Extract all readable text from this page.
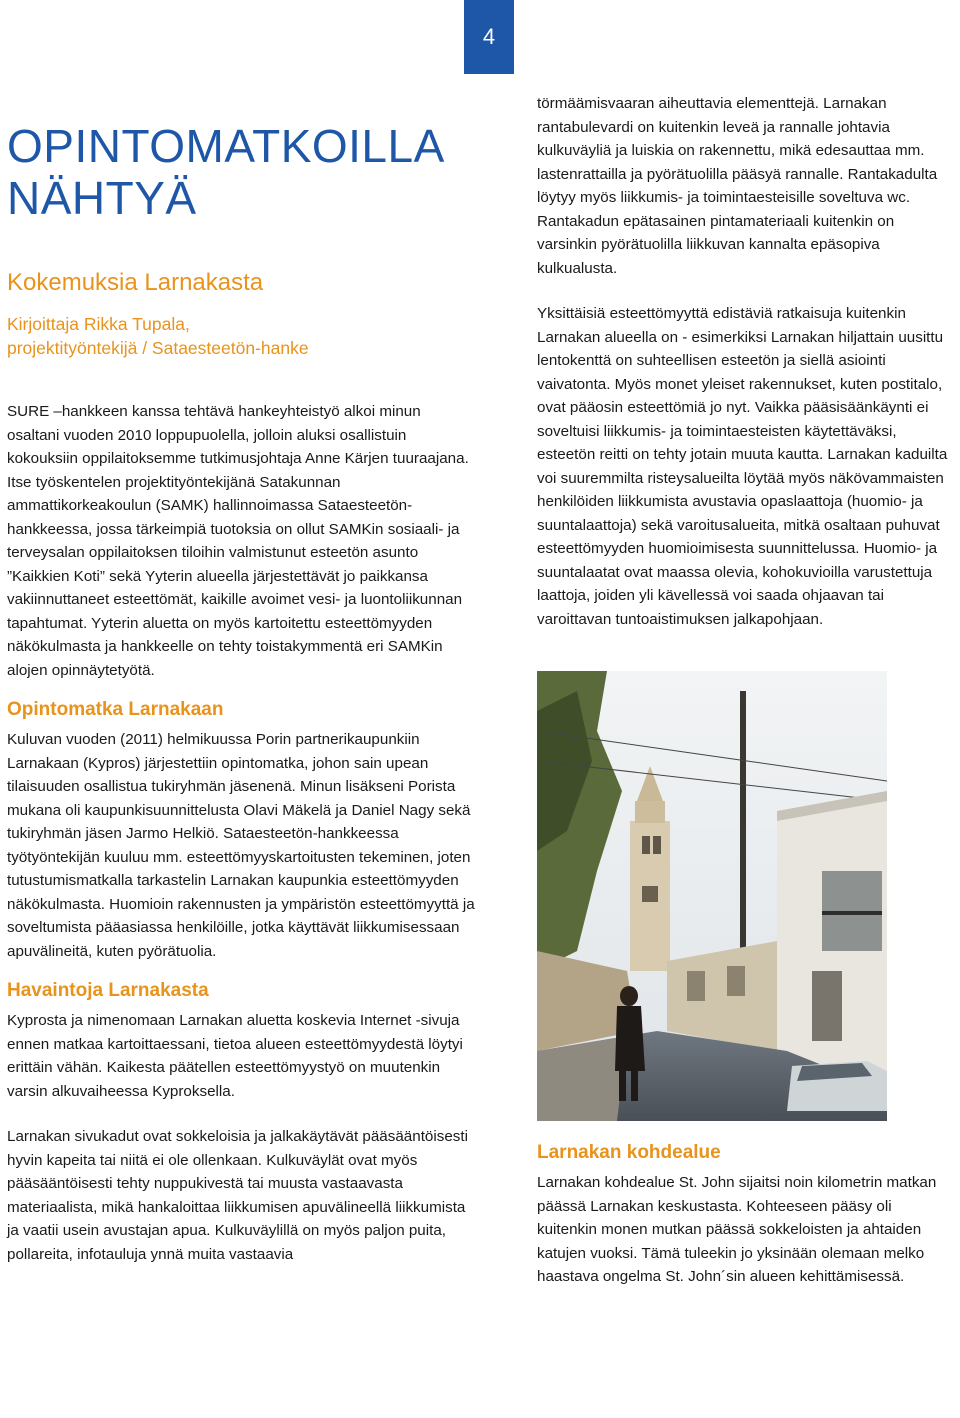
4
OPINTOMATKOILLA
NÄHTYÄ
Kokemuksia Larnakasta
Kirjoittaja Rikka Tupala,
projektityöntekijä / Sataesteetön-hanke

SURE –hankkeen kanssa tehtävä hankeyhteistyö alkoi minun osaltani vuoden 2010 loppupuolella, jolloin aluksi osallistuin kokouksiin oppilaitoksemme tutkimusjohtaja Anne Kärjen tuuraajana. Itse työskentelen projektityöntekijänä Satakunnan ammattikorkeakoulun (SAMK) hallinnoimassa Sataesteetön-hankkeessa, jossa tärkeimpiä tuotoksia on ollut SAMKin sosiaali- ja terveysalan oppilaitoksen tiloihin valmistunut esteetön asunto ”Kaikkien Koti” sekä Yyterin alueella järjestettävät jo paikkansa vakiinnuttaneet esteettömät, kaikille avoimet vesi- ja luontoliikunnan tapahtumat. Yyterin aluetta on myös kartoitettu esteettömyyden näkökulmasta ja hankkeelle on tehty toistakymmentä eri SAMKin alojen opinnäytetyötä.

Opintomatka Larnakaan

Kuluvan vuoden (2011) helmikuussa Porin partnerikaupunkiin Larnakaan (Kypros) järjestettiin opintomatka, johon sain upean tilaisuuden osallistua tukiryhmän jäsenenä. Minun lisäkseni Porista mukana oli kaupunkisuunnittelusta Olavi Mäkelä ja Daniel Nagy sekä tukiryhmän jäsen Jarmo Helkiö. Sataesteetön-hankkeessa työtyöntekijän kuuluu mm. esteettömyyskartoitusten tekeminen, joten tutustumismatkalla tarkastelin Larnakan kaupunkia esteettömyyden näkökulmasta. Huomioin rakennusten ja ympäristön esteettömyyttä ja soveltumista pääasiassa henkilöille, jotka käyttävät liikkumisessaan apuvälineitä, kuten pyörätuolia.

Havaintoja Larnakasta

Kyprosta ja nimenomaan Larnakan aluetta koskevia Internet -sivuja ennen matkaa kartoittaessani, tietoa alueen esteettömyydestä löytyi erittäin vähän. Kaikesta päätellen esteettömyystyö on muutenkin varsin alkuvaiheessa Kyproksella.

Larnakan sivukadut ovat sokkeloisia ja jalkakäytävät pääsääntöisesti hyvin kapeita tai niitä ei ole ollenkaan. Kulkuväylät ovat myös pääsääntöisesti tehty nuppukivestä tai muusta vastaavasta materiaalista, mikä hankaloittaa liikkumisen apuvälineellä liikkumista ja vaatii usein avustajan apua. Kulkuväylillä on myös paljon puita, pollareita, infotauluja ynnä muita vastaavia

törmäämisvaaran aiheuttavia elementtejä. Larnakan rantabulevardi on kuitenkin leveä ja rannalle johtavia kulkuväyliä ja luiskia on rakennettu, mikä edesauttaa mm. lastenrattailla ja pyörätuolilla pääsyä rannalle. Rantakadulta löytyy myös liikkumis- ja toimintaesteisille soveltuva wc. Rantakadun epätasainen pintamateriaali kuitenkin on varsinkin pyörätuolilla liikkuvan kannalta epäsopiva kulkualusta.

Yksittäisiä esteettömyyttä edistäviä ratkaisuja kuitenkin Larnakan alueella on - esimerkiksi Larnakan hiljattain uusittu lentokenttä on suhteellisen esteetön ja siellä asiointi vaivatonta. Myös monet yleiset rakennukset, kuten postitalo, ovat pääosin esteettömiä jo nyt. Vaikka pääsisäänkäynti ei soveltuisi liikkumis- ja toimintaesteisten käytettäväksi, esteetön reitti on tehty jotain muuta kautta. Larnakan kaduilta voi suuremmilta risteysalueilta löytää myös näkövammaisten henkilöiden liikkumista avustavia opaslaattoja (huomio- ja suuntalaattoja) sekä varoitusalueita, mitkä osaltaan puhuvat esteettömyyden huomioimisesta suunnittelussa. Huomio- ja suuntalaatat ovat maassa olevia, kohokuvioilla varustettuja laattoja, joiden yli kävellessä voi saada ohjaavan tai varoittavan tuntoaistimuksen jalkapohjaan.

Larnakan kohdealue

Larnakan kohdealue St. John sijaitsi noin kilometrin matkan päässä Larnakan keskustasta. Kohteeseen pääsy oli kuitenkin monen mutkan päässä sokkeloisten ja ahtaiden katujen vuoksi. Tämä tuleekin jo yksinään olemaan melko haastava ongelma St. John´sin alueen kehittämisessä.
